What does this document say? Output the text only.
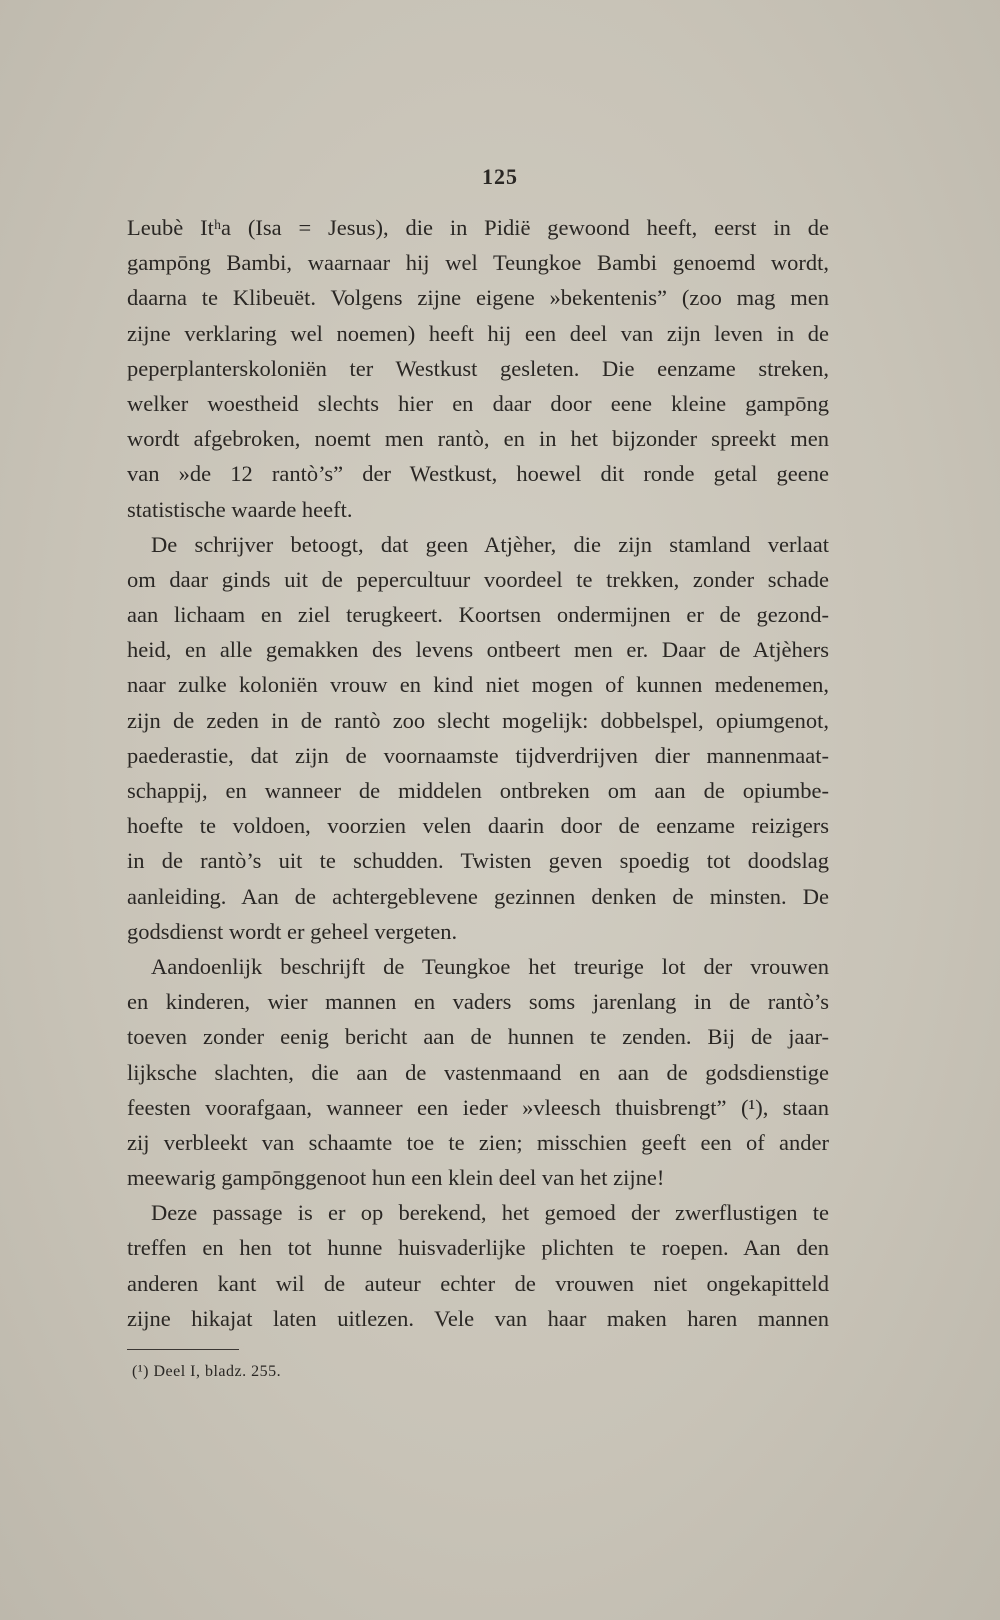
125
Leubè Itʰa (Isa = Jesus), die in Pidië gewoond heeft, eerst in de
gampōng Bambi, waarnaar hij wel Teungkoe Bambi genoemd wordt,
daarna te Klibeuët. Volgens zijne eigene »bekentenis” (zoo mag men
zijne verklaring wel noemen) heeft hij een deel van zijn leven in de
peperplanterskoloniën ter Westkust gesleten. Die eenzame streken,
welker woestheid slechts hier en daar door eene kleine gampōng
wordt afgebroken, noemt men rantò, en in het bijzonder spreekt men
van »de 12 rantò’s” der Westkust, hoewel dit ronde getal geene
statistische waarde heeft.
De schrijver betoogt, dat geen Atjèher, die zijn stamland verlaat
om daar ginds uit de pepercultuur voordeel te trekken, zonder schade
aan lichaam en ziel terugkeert. Koortsen ondermijnen er de gezond-
heid, en alle gemakken des levens ontbeert men er. Daar de Atjèhers
naar zulke koloniën vrouw en kind niet mogen of kunnen medenemen,
zijn de zeden in de rantò zoo slecht mogelijk: dobbelspel, opiumgenot,
paederastie, dat zijn de voornaamste tijdverdrijven dier mannenmaat-
schappij, en wanneer de middelen ontbreken om aan de opiumbe-
hoefte te voldoen, voorzien velen daarin door de eenzame reizigers
in de rantò’s uit te schudden. Twisten geven spoedig tot doodslag
aanleiding. Aan de achtergeblevene gezinnen denken de minsten. De
godsdienst wordt er geheel vergeten.
Aandoenlijk beschrijft de Teungkoe het treurige lot der vrouwen
en kinderen, wier mannen en vaders soms jarenlang in de rantò’s
toeven zonder eenig bericht aan de hunnen te zenden. Bij de jaar-
lijksche slachten, die aan de vastenmaand en aan de godsdienstige
feesten voorafgaan, wanneer een ieder »vleesch thuisbrengt” (¹), staan
zij verbleekt van schaamte toe te zien; misschien geeft een of ander
meewarig gampōnggenoot hun een klein deel van het zijne!
Deze passage is er op berekend, het gemoed der zwerflustigen te
treffen en hen tot hunne huisvaderlijke plichten te roepen. Aan den
anderen kant wil de auteur echter de vrouwen niet ongekapitteld
zijne hikajat laten uitlezen. Vele van haar maken haren mannen
(¹) Deel I, bladz. 255.
